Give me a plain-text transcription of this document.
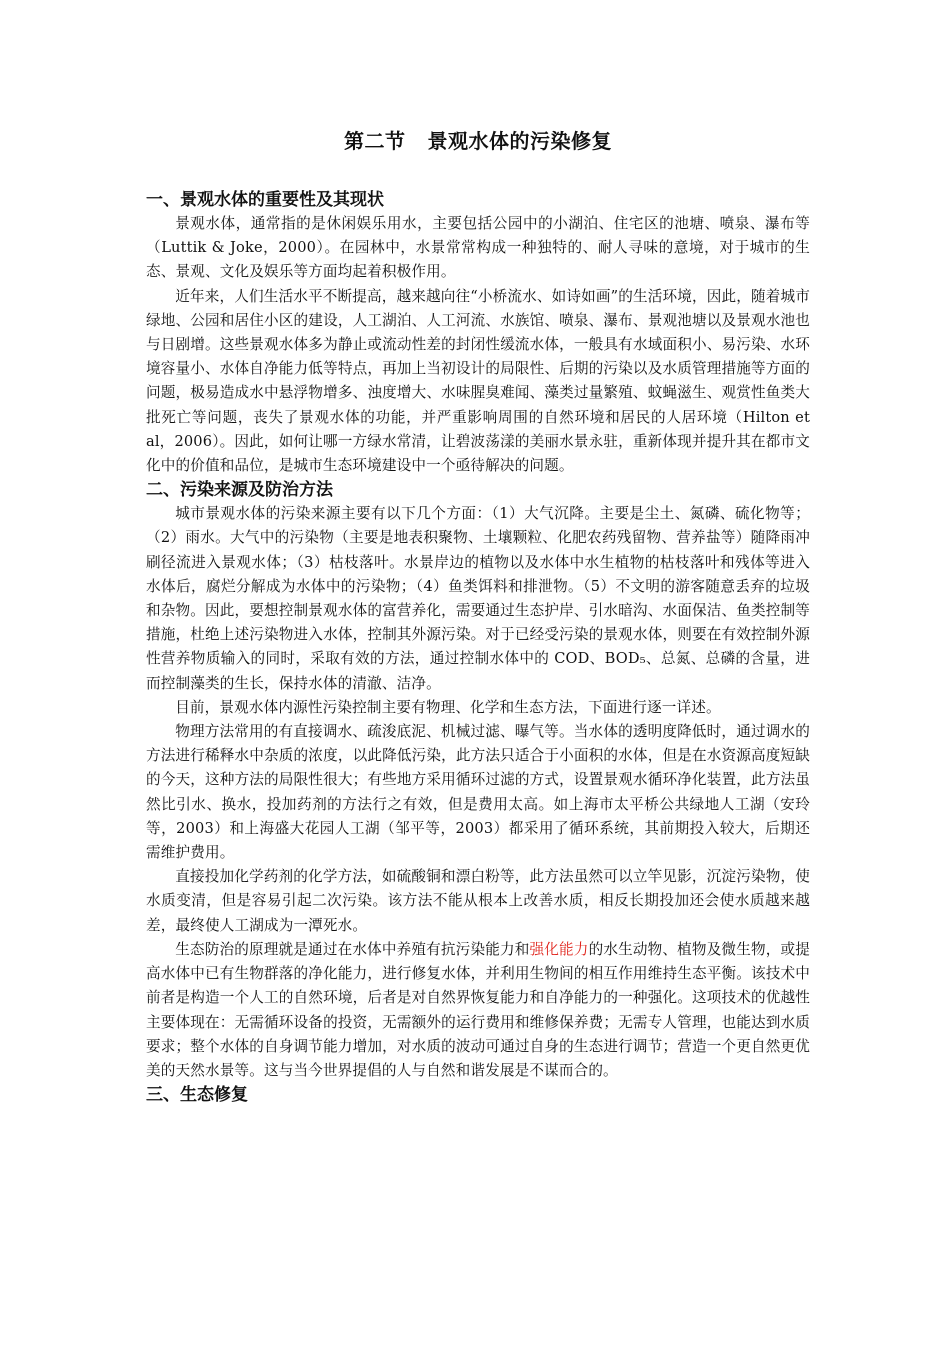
第二节 景观水体的污染修复
一、景观水体的重要性及其现状

景观水体，通常指的是休闲娱乐用水，主要包括公园中的小湖泊、住宅区的池塘、喷泉、瀑布等（Luttik & Joke，2000）。在园林中，水景常常构成一种独特的、耐人寻味的意境，对于城市的生态、景观、文化及娱乐等方面均起着积极作用。

近年来，人们生活水平不断提高，越来越向往“小桥流水、如诗如画”的生活环境，因此，随着城市绿地、公园和居住小区的建设，人工湖泊、人工河流、水族馆、喷泉、瀑布、景观池塘以及景观水池也与日剧增。这些景观水体多为静止或流动性差的封闭性缓流水体，一般具有水域面积小、易污染、水环境容量小、水体自净能力低等特点，再加上当初设计的局限性、后期的污染以及水质管理措施等方面的问题，极易造成水中悬浮物增多、浊度增大、水味腥臭难闻、藻类过量繁殖、蚊蝇滋生、观赏性鱼类大批死亡等问题，丧失了景观水体的功能，并严重影响周围的自然环境和居民的人居环境（Hilton et al，2006）。因此，如何让哪一方绿水常清，让碧波荡漾的美丽水景永驻，重新体现并提升其在都市文化中的价值和品位，是城市生态环境建设中一个亟待解决的问题。

二、污染来源及防治方法

城市景观水体的污染来源主要有以下几个方面：（1）大气沉降。主要是尘土、氮磷、硫化物等；（2）雨水。大气中的污染物（主要是地表积聚物、土壤颗粒、化肥农药残留物、营养盐等）随降雨冲刷径流进入景观水体；（3）枯枝落叶。水景岸边的植物以及水体中水生植物的枯枝落叶和残体等进入水体后，腐烂分解成为水体中的污染物；（4）鱼类饵料和排泄物。（5）不文明的游客随意丢弃的垃圾和杂物。因此，要想控制景观水体的富营养化，需要通过生态护岸、引水暗沟、水面保洁、鱼类控制等措施，杜绝上述污染物进入水体，控制其外源污染。对于已经受污染的景观水体，则要在有效控制外源性营养物质输入的同时，采取有效的方法，通过控制水体中的 COD、BOD₅、总氮、总磷的含量，进而控制藻类的生长，保持水体的清澈、洁净。

目前，景观水体内源性污染控制主要有物理、化学和生态方法，下面进行逐一详述。

物理方法常用的有直接调水、疏浚底泥、机械过滤、曝气等。当水体的透明度降低时，通过调水的方法进行稀释水中杂质的浓度，以此降低污染，此方法只适合于小面积的水体，但是在水资源高度短缺的今天，这种方法的局限性很大；有些地方采用循环过滤的方式，设置景观水循环净化装置，此方法虽然比引水、换水，投加药剂的方法行之有效，但是费用太高。如上海市太平桥公共绿地人工湖（安玲等，2003）和上海盛大花园人工湖（邹平等，2003）都采用了循环系统，其前期投入较大，后期还需维护费用。

直接投加化学药剂的化学方法，如硫酸铜和漂白粉等，此方法虽然可以立竿见影，沉淀污染物，使水质变清，但是容易引起二次污染。该方法不能从根本上改善水质，相反长期投加还会使水质越来越差，最终使人工湖成为一潭死水。

生态防治的原理就是通过在水体中养殖有抗污染能力和强化能力的水生动物、植物及微生物，或提高水体中已有生物群落的净化能力，进行修复水体，并利用生物间的相互作用维持生态平衡。该技术中前者是构造一个人工的自然环境，后者是对自然界恢复能力和自净能力的一种强化。这项技术的优越性主要体现在：无需循环设备的投资，无需额外的运行费用和维修保养费；无需专人管理，也能达到水质要求；整个水体的自身调节能力增加，对水质的波动可通过自身的生态进行调节；营造一个更自然更优美的天然水景等。这与当今世界提倡的人与自然和谐发展是不谋而合的。

三、生态修复
